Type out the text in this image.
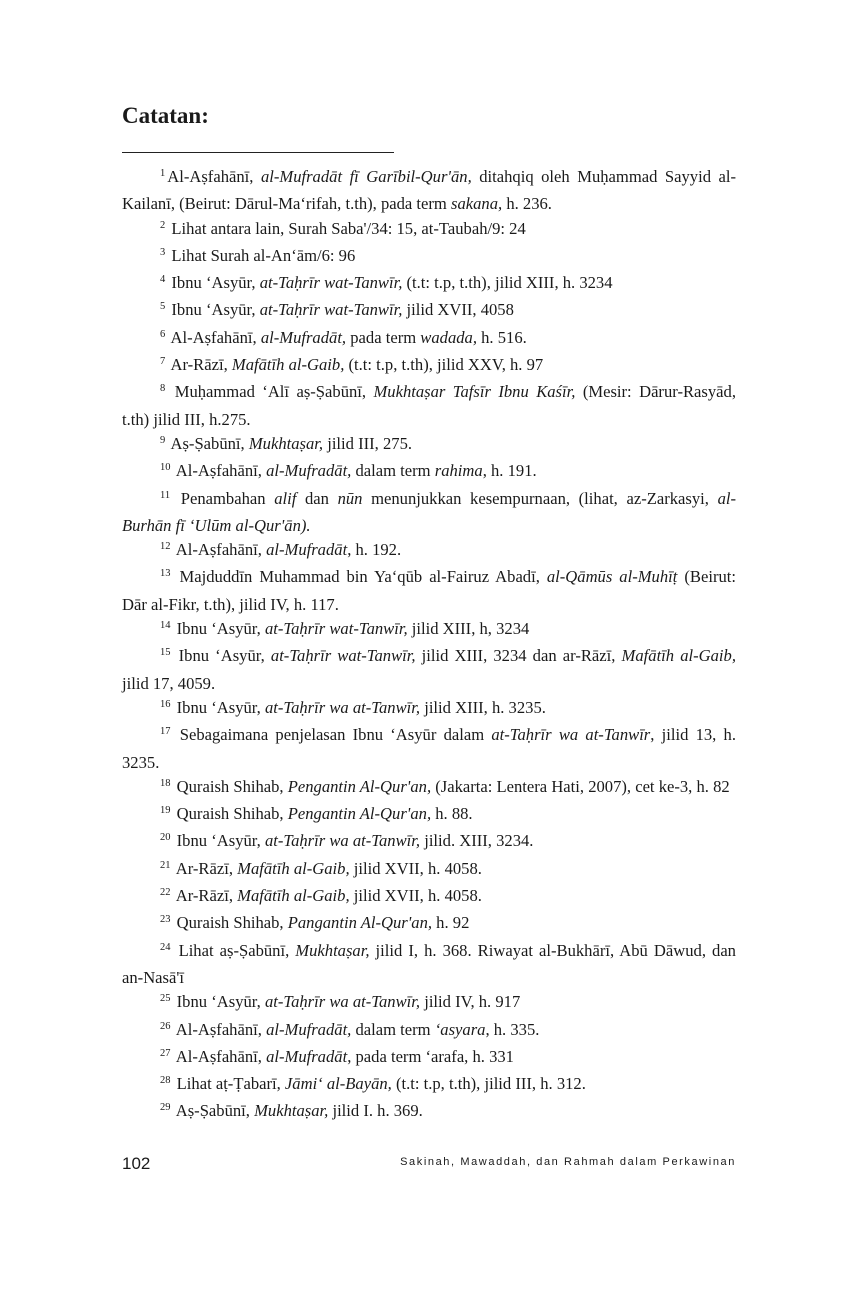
Catatan:

$^1$ Al-Aṣfahānī, al-Mufradāt fī Garībil-Qur'ān, ditahqiq oleh Muḥammad Sayyid al-Kailanī, (Beirut: Dārul-Ma‘rifah, t.th), pada term sakana, h. 236.

$^2$ Lihat antara lain, Surah Saba'/34: 15, at-Taubah/9: 24

$^3$ Lihat Surah al-An‘ām/6: 96

$^4$ Ibnu ‘Asyūr, at-Taḥrīr wat-Tanwīr, (t.t: t.p, t.th), jilid XIII, h. 3234

$^5$ Ibnu ‘Asyūr, at-Taḥrīr wat-Tanwīr, jilid XVII, 4058

$^6$ Al-Aṣfahānī, al-Mufradāt, pada term wadada, h. 516.

$^7$ Ar-Rāzī, Mafātīh al-Gaib, (t.t: t.p, t.th), jilid XXV, h. 97

$^8$ Muḥammad ‘Alī aṣ-Ṣabūnī, Mukhtaṣar Tafsīr Ibnu Kaśīr, (Mesir: Dārur-Rasyād, t.th) jilid III, h.275.

$^9$ Aṣ-Ṣabūnī, Mukhtaṣar, jilid III, 275.

$^{10}$ Al-Aṣfahānī, al-Mufradāt, dalam term rahima, h. 191.

$^{11}$ Penambahan alif dan nūn menunjukkan kesempurnaan, (lihat, az-Zarkasyi, al-Burhān fī ‘Ulūm al-Qur'ān).

$^{12}$ Al-Aṣfahānī, al-Mufradāt, h. 192.

$^{13}$ Majduddīn Muhammad bin Ya‘qūb al-Fairuz Abadī, al-Qāmūs al-Muhīṭ (Beirut: Dār al-Fikr, t.th), jilid IV, h. 117.

$^{14}$ Ibnu ‘Asyūr, at-Taḥrīr wat-Tanwīr, jilid XIII, h, 3234

$^{15}$ Ibnu ‘Asyūr, at-Taḥrīr wat-Tanwīr, jilid XIII, 3234 dan ar-Rāzī, Mafātīh al-Gaib, jilid 17, 4059.

$^{16}$ Ibnu ‘Asyūr, at-Taḥrīr wa at-Tanwīr, jilid XIII, h. 3235.

$^{17}$ Sebagaimana penjelasan Ibnu ‘Asyūr dalam at-Taḥrīr wa at-Tanwīr, jilid 13, h. 3235.

$^{18}$ Quraish Shihab, Pengantin Al-Qur'an, (Jakarta: Lentera Hati, 2007), cet ke-3, h. 82

$^{19}$ Quraish Shihab, Pengantin Al-Qur'an, h. 88.

$^{20}$ Ibnu ‘Asyūr, at-Taḥrīr wa at-Tanwīr, jilid. XIII, 3234.

$^{21}$ Ar-Rāzī, Mafātīh al-Gaib, jilid XVII, h. 4058.

$^{22}$ Ar-Rāzī, Mafātīh al-Gaib, jilid XVII, h. 4058.

$^{23}$ Quraish Shihab, Pangantin Al-Qur'an, h. 92

$^{24}$ Lihat aṣ-Ṣabūnī, Mukhtaṣar, jilid I, h. 368. Riwayat al-Bukhārī, Abū Dāwud, dan an-Nasā'ī

$^{25}$ Ibnu ‘Asyūr, at-Taḥrīr wa at-Tanwīr, jilid IV, h. 917

$^{26}$ Al-Aṣfahānī, al-Mufradāt, dalam term ‘asyara, h. 335.

$^{27}$ Al-Aṣfahānī, al-Mufradāt, pada term ‘arafa, h. 331

$^{28}$ Lihat aṭ-Ṭabarī, Jāmi‘ al-Bayān, (t.t: t.p, t.th), jilid III, h. 312.

$^{29}$ Aṣ-Ṣabūnī, Mukhtaṣar, jilid I. h. 369.

102	Sakinah, Mawaddah, dan Rahmah dalam Perkawinan
